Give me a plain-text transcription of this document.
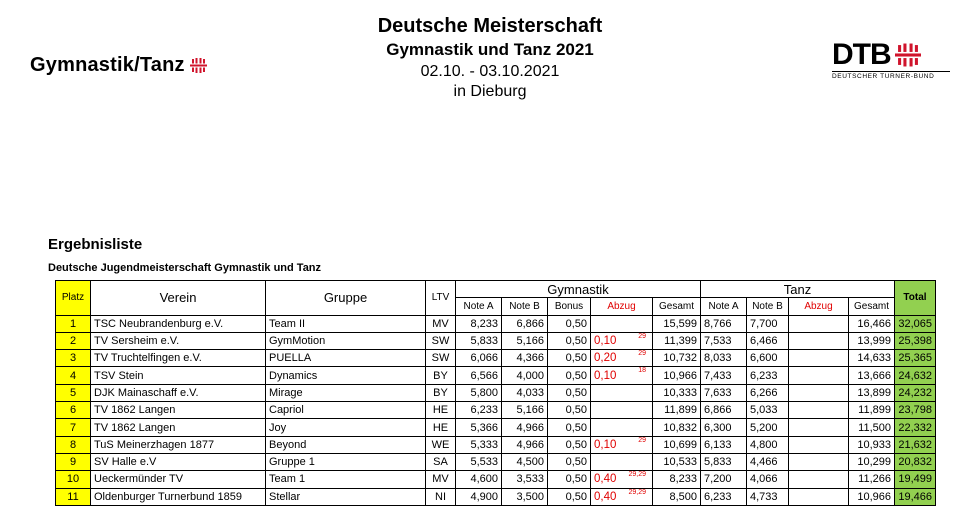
Gymnastik/Tanz
Deutsche Meisterschaft
Gymnastik und Tanz 2021
02.10. - 03.10.2021
in Dieburg
DTB
DEUTSCHER TURNER-BUND
Ergebnisliste
Deutsche Jugendmeisterschaft Gymnastik und Tanz
Platz	Verein	Gruppe	LTV	Gymnastik					Tanz				Total
				Note A	Note B	Bonus	Abzug	Gesamt	Note A	Note B	Abzug	Gesamt	
1	TSC Neubrandenburg e.V.	Team II	MV	8,233	6,866	0,50		15,599	8,766	7,700		16,466	32,065
2	TV Sersheim e.V.	GymMotion	SW	5,833	5,166	0,50	0,10 29	11,399	7,533	6,466		13,999	25,398
3	TV Truchtelfingen e.V.	PUELLA	SW	6,066	4,366	0,50	0,20 29	10,732	8,033	6,600		14,633	25,365
4	TSV Stein	Dynamics	BY	6,566	4,000	0,50	0,10 18	10,966	7,433	6,233		13,666	24,632
5	DJK Mainaschaff e.V.	Mirage	BY	5,800	4,033	0,50		10,333	7,633	6,266		13,899	24,232
6	TV 1862 Langen	Capriol	HE	6,233	5,166	0,50		11,899	6,866	5,033		11,899	23,798
7	TV 1862 Langen	Joy	HE	5,366	4,966	0,50		10,832	6,300	5,200		11,500	22,332
8	TuS Meinerzhagen 1877	Beyond	WE	5,333	4,966	0,50	0,10 29	10,699	6,133	4,800		10,933	21,632
9	SV Halle e.V	Gruppe 1	SA	5,533	4,500	0,50		10,533	5,833	4,466		10,299	20,832
10	Ueckermünder TV	Team 1	MV	4,600	3,533	0,50	0,40 29,29	8,233	7,200	4,066		11,266	19,499
11	Oldenburger Turnerbund 1859	Stellar	NI	4,900	3,500	0,50	0,40 29,29	8,500	6,233	4,733		10,966	19,466
